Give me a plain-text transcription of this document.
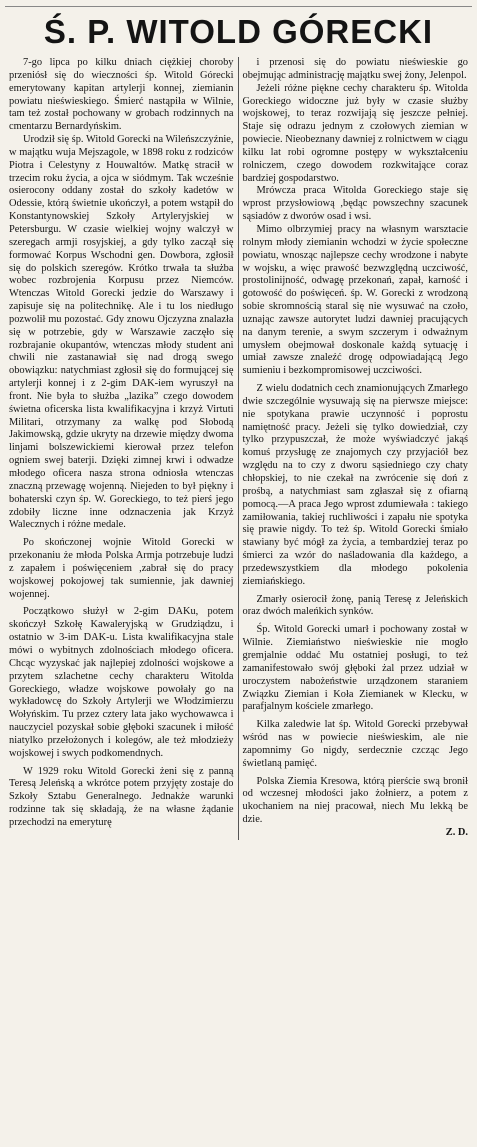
Ś. P. WITOLD GÓRECKI

7-go lipca po kilku dniach ciężkiej choroby przeniósł się do wieczności śp. Witold Górecki emerytowany kapitan artylerji konnej, ziemianin powiatu nieświeskiego. Śmierć nastąpiła w Wilnie, tam też został pochowany w grobach rodzinnych na cmentarzu Bernardyńskim.

Urodził się śp. Witold Gorecki na Wileńszczyźnie, w majątku wuja Mejszagole, w 1898 roku z rodziców Piotra i Celestyny z Houwaltów. Matkę stracił w trzecim roku życia, a ojca w siódmym. Tak wcześnie osierocony oddany został do szkoły kadetów w Odessie, którą świetnie ukończył, a potem wstąpił do Konstantynowskiej Szkoły Artyleryjskiej w Petersburgu. W czasie wielkiej wojny walczył w szeregach armji rosyjskiej, a gdy tylko zaczął się formować Korpus Wschodni gen. Dowbora, zgłosił się do polskich szeregów. Krótko trwała ta służba wobec rozbrojenia Korpusu przez Niemców. Wtenczas Witold Gorecki jedzie do Warszawy i zapisuje się na politechnikę. Ale i tu los niedługo pozwolił mu pozostać. Gdy znowu Ojczyzna znalazła się w potrzebie, gdy w Warszawie zaczęło się rozbrajanie okupantów, wtenczas młody student ani chwili nie zastanawiał się nad drogą swego obowiązku: natychmiast zgłosił się do formującej się artylerji konnej i z 2-gim DAK-iem wyruszył na front. Nie była to służba „lazika” czego dowodem świetna oficerska lista kwalifikacyjna i krzyż Virtuti Militari, otrzymany za walkę pod Słobodą Jakimowską, gdzie ukryty na drzewie między dwoma linjami bolszewickiemi kierował przez telefon ogniem swej baterji. Dzięki zimnej krwi i odwadze młodego oficera nasza strona odniosła wtenczas znaczną przewagę wojenną. Niejeden to był piękny i bohaterski czyn śp. W. Goreckiego, to też pierś jego zdobiły liczne inne odznaczenia jak Krzyż Walecznych i różne medale.

Po skończonej wojnie Witold Gorecki w przekonaniu że młoda Polska Armja potrzebuje ludzi z zapałem i poświęceniem ,zabrał się do pracy wojskowej pokojowej tak sumiennie, jak dawniej wojennej.

Początkowo służył w 2-gim DAKu, potem skończył Szkołę Kawaleryjską w Grudziądzu, i ostatnio w 3-im DAK-u. Lista kwalifikacyjna stale mówi o wybitnych zdolnościach młodego oficera. Chcąc wyzyskać jak najlepiej zdolności wojskowe a przytem szlachetne cechy charakteru Witolda Goreckiego, władze wojskowe powołały go na wykładowcę do Szkoły Artylerji we Włodzimierzu Wołyńskim. Tu przez cztery lata jako wychowawca i nauczyciel pozyskał sobie głęboki szacunek i miłość niatylko przełożonych i kolegów, ale też młodzieży wojskowej i swych podkomendnych.

W 1929 roku Witold Gorecki żeni się z panną Teresą Jeleńską a wkrótce potem przyjęty zostaje do Szkoły Sztabu Generalnego. Jednakże warunki rodzinne tak się składają, że na własne żądanie przechodzi na emeryturę

i przenosi się do powiatu nieświeskie go obejmując administrację majątku swej żony, Jelenpol.

Jeżeli różne piękne cechy charakteru śp. Witolda Goreckiego widoczne już były w czasie służby wojskowej, to teraz rozwijają się jeszcze pełniej. Staje się odrazu jednym z czołowych ziemian w powiecie. Nieobeznany dawniej z rolnictwem w ciągu kilku lat robi ogromne postępy w wykształceniu rolniczem, czego dowodem rozkwitające coraz bardziej gospodarstwo.

Mrówcza praca Witolda Goreckiego staje się wprost przysłowiową ,będąc powszechny szacunek sąsiadów z dworów osad i wsi.

Mimo olbrzymiej pracy na własnym warsztacie rolnym młody ziemianin wchodzi w życie społeczne powiatu, wnosząc najlepsze cechy wrodzone i nabyte w wojsku, a więc prawość bezwzględną uczciwość, prostolinijność, odwagę przekonań, zapał, karność i gotowość do poświęceń. śp. W. Gorecki z wrodzoną sobie skromnością staral się nie wysuwać na czoło, uznając zawsze autorytet ludzi dawniej pracujących na danym terenie, a swym szczerym i odważnym umysłem obejmował doskonale każdą sytuację i umiał zawsze znaleźć drogę odpowiadającą Jego sumieniu i bezkompromisowej uczciwości.

Z wielu dodatnich cech znamionujących Zmarłego dwie szczególnie wysuwają się na pierwsze miejsce: nie spotykana prawie uczynność i poprostu namiętność pracy. Jeżeli się tylko dowiedział, czy tylko przypuszczał, że może wyświadczyć jakąś komuś przysługę ze znajomych czy przyjaciół bez względu na to czy z dworu sąsiedniego czy chaty chłopskiej, to nie czekał na zwrócenie się doń z prośbą, a natychmiast sam zgłaszał się z ofiarną pomocą.—A praca Jego wprost zdumiewała : takiego zamiłowania, takiej ruchliwości i zapału nie spotyka się prawie nigdy. To też śp. Witold Gorecki śmiało stawiany być mógł za życia, a tembardziej teraz po śmierci za wzór do naśladowania dla każdego, a przedewszystkiem dla młodego pokolenia ziemiańskiego.

Zmarły osierocił żonę, panią Teresę z Jeleńskich oraz dwóch maleńkich synków.

Śp. Witold Gorecki umarł i pochowany został w Wilnie. Ziemiaństwo nieświeskie nie mogło gremjalnie oddać Mu ostatniej posługi, to też zamanifestowało swój głęboki żal przez udział w uroczystem nabożeństwie urządzonem staraniem Związku Ziemian i Koła Ziemianek w Klecku, w parafjalnym kościele zmarłego.

Kilka zaledwie lat śp. Witold Gorecki przebywał wśród nas w powiecie nieświeskim, ale nie zapomnimy Go nigdy, serdecznie czcząc Jego świetlaną pamięć.

Polska Ziemia Kresowa, którą pierście swą bronił od wczesnej młodości jako żołnierz, a potem z ukochaniem na niej pracował, niech Mu lekką be dzie.

Z. D.
